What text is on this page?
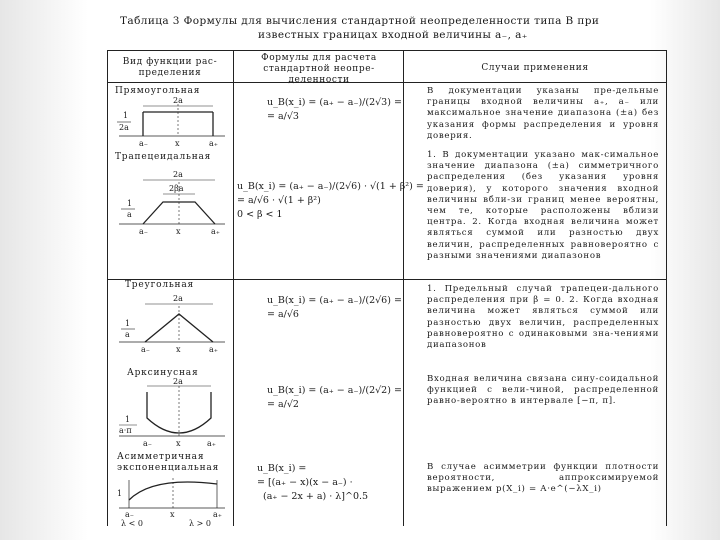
Таблица 3 Формулы для вычисления стандартной неопределенности типа B при
известных границах входной величины a₋, a₊
Вид функции рас-пределения
Формулы для расчета стандартной неопре-деленности
Случаи применения
Прямоугольная
2a
1
2a
a₋	x	a₊
u_B(x_i) = (a₊ − a₋)/(2√3) =
= a/√3
В документации указаны пре-дельные границы входной величины a₊, a₋ или максимальное значение диапазона (±a) без указания формы распределения и уровня доверия.
Трапецеидальная
2a
2βa
1
a
a₋	x	a₊
u_B(x_i) = (a₊ − a₋)/(2√6) · √(1 + β²) =
= a/√6 · √(1 + β²)
0 < β < 1
1. В документации указано мак-симальное значение диапазона (±a) симметричного распределения (без указания уровня доверия), у которого значения входной величины вбли-зи границ менее вероятны, чем те, которые расположены вблизи центра. 2. Когда входная величина может являться суммой или разностью двух величин, распределенных равновероятно с разными значениями диапазонов
Треугольная
2a
1
a
a₋	x	a₊
u_B(x_i) = (a₊ − a₋)/(2√6) =
= a/√6
1. Предельный случай трапецеи-дального распределения при β = 0. 2. Когда входная величина может являться суммой или разностью двух величин, распределенных равновероятно с одинаковыми зна-чениями диапазонов
Арксинусная
2a
1
a·π
a₋	x	a₊
u_B(x_i) = (a₊ − a₋)/(2√2) =
= a/√2
Входная величина связана сину-соидальной функцией с вели-чиной, распределенной равно-вероятно в интервале [−π, π].
Асимметричная экспоненциальная
1
a₋	x	a₊
λ < 0	λ > 0
u_B(x_i) =
= [(a₊ − x)(x − a₋) ·
(a₊ − 2x + a) · λ]^0.5
В случае асимметрии функции плотности вероятности, аппроксимируемой выражением p(X_i) = A·e^(−λX_i)
